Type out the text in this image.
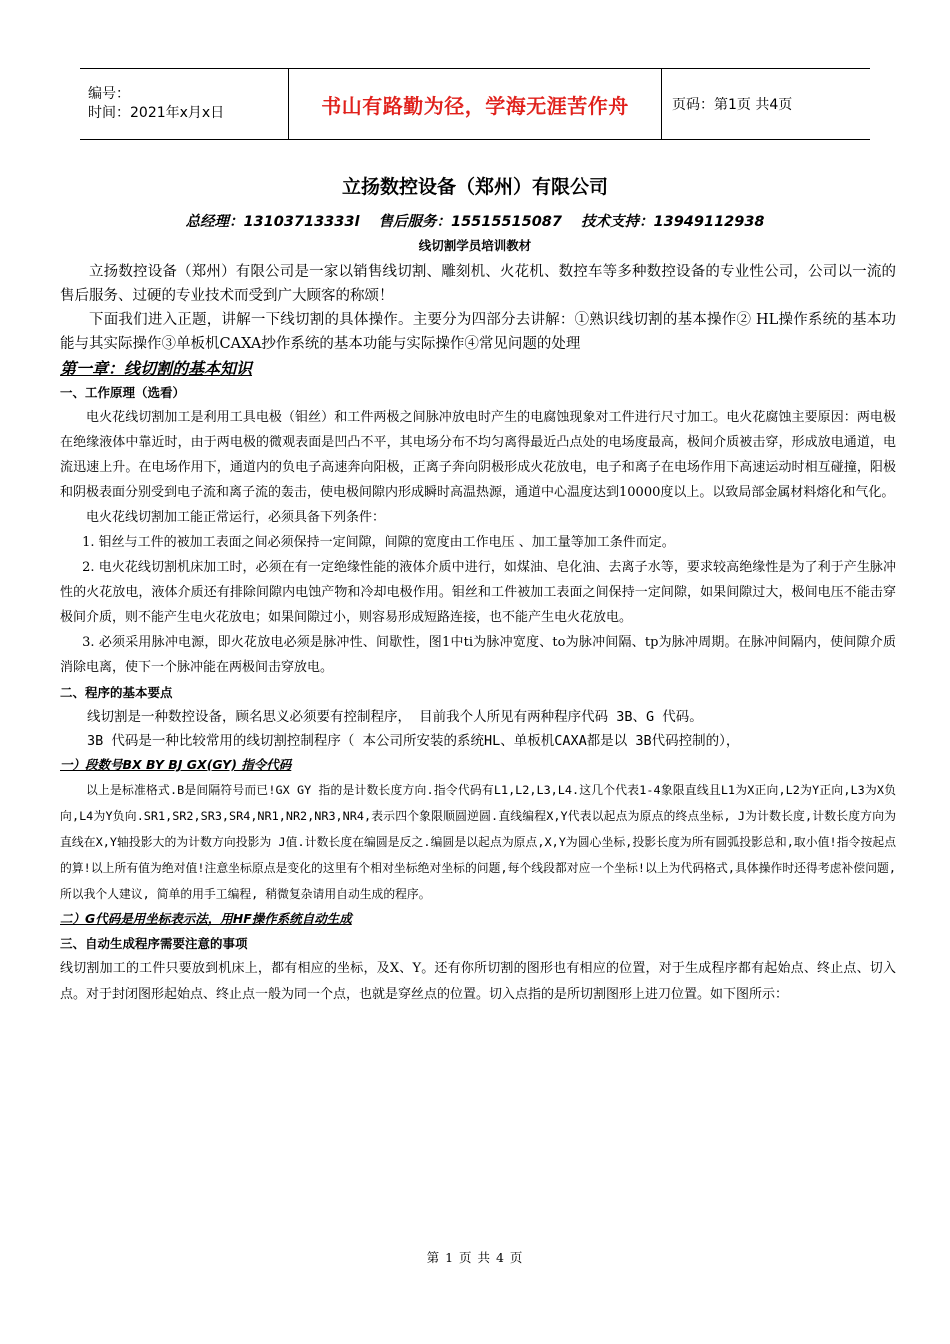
编号：
时间：2021年x月x日	书山有路勤为径，学海无涯苦作舟	页码：第1页 共4页
立扬数控设备（郑州）有限公司
总经理：13103713333l 售后服务：15515515087 技术支持：13949112938
线切割学员培训教材

立扬数控设备（郑州）有限公司是一家以销售线切割、雕刻机、火花机、数控车等多种数控设备的专业性公司，公司以一流的售后服务、过硬的专业技术而受到广大顾客的称颂！

下面我们进入正题，讲解一下线切割的具体操作。主要分为四部分去讲解：①熟识线切割的基本操作② HL操作系统的基本功能与其实际操作③单板机CAXA抄作系统的基本功能与实际操作④常见问题的处理

第一章：线切割的基本知识
一、工作原理（选看）

电火花线切割加工是利用工具电极（钼丝）和工件两极之间脉冲放电时产生的电腐蚀现象对工件进行尺寸加工。电火花腐蚀主要原因：两电极在绝缘液体中靠近时，由于两电极的微观表面是凹凸不平，其电场分布不均匀离得最近凸点处的电场度最高，极间介质被击穿，形成放电通道，电流迅速上升。在电场作用下，通道内的负电子高速奔向阳极，正离子奔向阴极形成火花放电，电子和离子在电场作用下高速运动时相互碰撞，阳极和阴极表面分别受到电子流和离子流的轰击，使电极间隙内形成瞬时高温热源，通道中心温度达到10000度以上。以致局部金属材料熔化和气化。

电火花线切割加工能正常运行，必须具备下列条件：

1. 钼丝与工件的被加工表面之间必须保持一定间隙，间隙的宽度由工作电压 、加工量等加工条件而定。

2. 电火花线切割机床加工时，必须在有一定绝缘性能的液体介质中进行，如煤油、皂化油、去离子水等，要求较高绝缘性是为了利于产生脉冲性的火花放电，液体介质还有排除间隙内电蚀产物和冷却电极作用。钼丝和工件被加工表面之间保持一定间隙，如果间隙过大，极间电压不能击穿极间介质，则不能产生电火花放电；如果间隙过小，则容易形成短路连接，也不能产生电火花放电。

3. 必须采用脉冲电源，即火花放电必须是脉冲性、间歇性，图1中ti为脉冲宽度、to为脉冲间隔、tp为脉冲周期。在脉冲间隔内，使间隙介质消除电离，使下一个脉冲能在两极间击穿放电。

二、程序的基本要点

线切割是一种数控设备，顾名思义必须要有控制程序， 目前我个人所见有两种程序代码 3B、G 代码。

3B 代码是一种比较常用的线切割控制程序（ 本公司所安装的系统HL、单板机CAXA都是以 3B代码控制的），

一）段数号BX BY BJ GX(GY) 指令代码

以上是标准格式.B是间隔符号而已!GX GY 指的是计数长度方向.指令代码有L1,L2,L3,L4.这几个代表1-4象限直线且L1为X正向,L2为Y正向,L3为X负向,L4为Y负向.SR1,SR2,SR3,SR4,NR1,NR2,NR3,NR4,表示四个象限顺圆逆圆.直线编程X,Y代表以起点为原点的终点坐标, J为计数长度,计数长度方向为直线在X,Y轴投影大的为计数方向投影为 J值.计数长度在编圆是反之.编圆是以起点为原点,X,Y为圆心坐标,投影长度为所有圆弧投影总和,取小值!指令按起点的算!以上所有值为绝对值!注意坐标原点是变化的这里有个相对坐标绝对坐标的问题,每个线段都对应一个坐标!以上为代码格式,具体操作时还得考虑补偿问题, 所以我个人建议, 简单的用手工编程, 稍微复杂请用自动生成的程序。

二）G代码是用坐标表示法，用HF操作系统自动生成
三、自动生成程序需要注意的事项

线切割加工的工件只要放到机床上，都有相应的坐标，及X、Y。还有你所切割的图形也有相应的位置，对于生成程序都有起始点、终止点、切入点。对于封闭图形起始点、终止点一般为同一个点，也就是穿丝点的位置。切入点指的是所切割图形上进刀位置。如下图所示：

第 1 页 共 4 页
